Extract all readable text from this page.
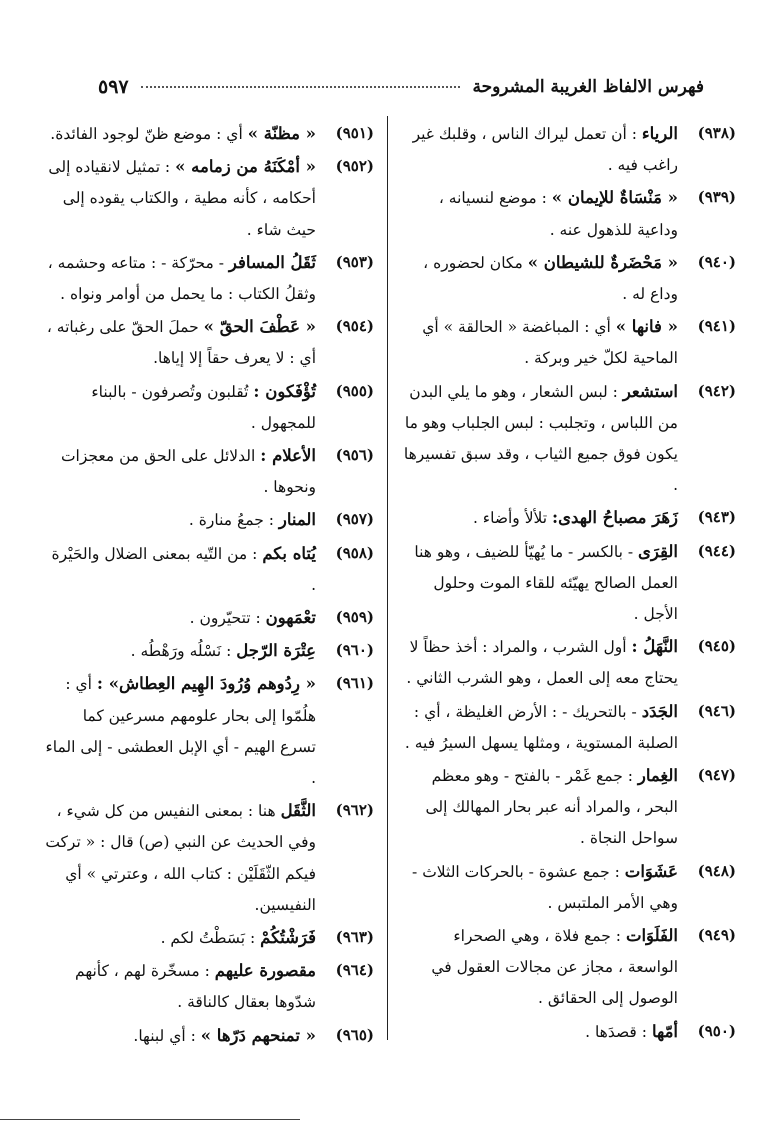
فهرس الالفاظ الغريبة المشروحة
٥٩٧
(٩٣٨)
الرياء : أن تعمل ليراك الناس ، وقلبك غير راغب فيه .
(٩٣٩)
« مَنْسَاةٌ للإيمان » : موضع لنسيانه ، وداعية للذهول عنه .
(٩٤٠)
« مَحْضَرةٌ للشيطان » مكان لحضوره ، وداع له .
(٩٤١)
« فانها » أي : المباغضة « الحالقة » أي الماحية لكلّ خير وبركة .
(٩٤٢)
استشعر : لبس الشعار ، وهو ما يلي البدن من اللباس ، وتجلبب : لبس الجلباب وهو ما يكون فوق جميع الثياب ، وقد سبق تفسيرها .
(٩٤٣)
زَهَرَ مصباحُ الهدى: تلألأ وأضاء .
(٩٤٤)
القِرَى - بالكسر - ما يُهيّأ للضيف ، وهو هنا العمل الصالح يهيّئه للقاء الموت وحلول الأجل .
(٩٤٥)
النَّهَلُ : أول الشرب ، والمراد : أخذ حظاً لا يحتاج معه إلى العمل ، وهو الشرب الثاني .
(٩٤٦)
الجَدَد - بالتحريك - : الأرض الغليظة ، أي : الصلبة المستوية ، ومثلها يسهل السيرُ فيه .
(٩٤٧)
الغِمار : جمع غَمْر - بالفتح - وهو معظم البحر ، والمراد أنه عبر بحار المهالك إلى سواحل النجاة .
(٩٤٨)
عَشَوَات : جمع عشوة - بالحركات الثلاث - وهي الأمر الملتبس .
(٩٤٩)
الفَلَوَات : جمع فلاة ، وهي الصحراء الواسعة ، مجاز عن مجالات العقول في الوصول إلى الحقائق .
(٩٥٠)
أمّها : قصدَها .
(٩٥١)
« مظنّة » أي : موضع ظنّ لوجود الفائدة.
(٩٥٢)
« أمْكَنَهُ من زمامه » : تمثيل لانقياده إلى أحكامه ، كأنه مطية ، والكتاب يقوده إلى حيث شاء .
(٩٥٣)
ثَقَلُ المسافر - محرّكة - : متاعه وحشمه ، وثقلُ الكتاب : ما يحمل من أوامر ونواه .
(٩٥٤)
« عَطْفَ الحقّ » حملَ الحقّ على رغباته ، أي : لا يعرف حقاً إلا إياها.
(٩٥٥)
تُؤْفَكون : تُقلبون وتُصرفون - بالبناء للمجهول .
(٩٥٦)
الأعلام : الدلائل على الحق من معجزات ونحوها .
(٩٥٧)
المنار : جمعُ منارة .
(٩٥٨)
يُتاه بكم : من التّيه بمعنى الضلال والحَيْرة .
(٩٥٩)
تعْمَهون : تتحيّرون .
(٩٦٠)
عِتْرَة الرّجل : نَسْلُه ورَهْطُه .
(٩٦١)
« رِدُوهم وُرُودَ الهِيم العِطاش» : أي : هلُمّوا إلى بحار علومهم مسرعين كما تسرع الهيم - أي الإبل العطشى - إلى الماء .
(٩٦٢)
الثَّقَل هنا : بمعنى النفيس من كل شيء ، وفي الحديث عن النبي (ص) قال : « تركت فيكم الثّقَلَيْن : كتاب الله ، وعترتي » أي النفيسين.
(٩٦٣)
فَرَشْتُكُمْ : بَسَطْتُ لكم .
(٩٦٤)
مقصورة عليهم : مسخّرة لهم ، كأنهم شدّوها بعقال كالناقة .
(٩٦٥)
« تمنحهم دَرّها » : أي لبنها.
